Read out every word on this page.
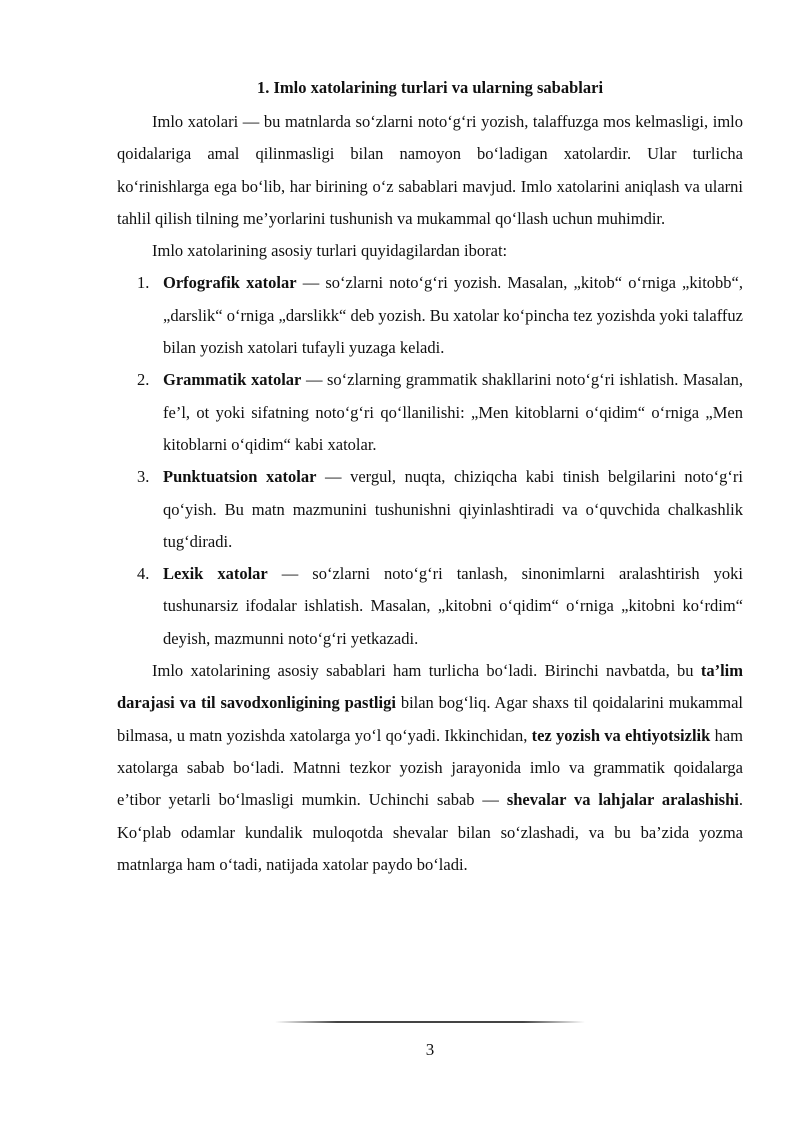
1. Imlo xatolarining turlari va ularning sabablari

Imlo xatolari — bu matnlarda so‘zlarni noto‘g‘ri yozish, talaffuzga mos kelmasligi, imlo qoidalariga amal qilinmasligi bilan namoyon bo‘ladigan xatolardir. Ular turlicha ko‘rinishlarga ega bo‘lib, har birining o‘z sabablari mavjud. Imlo xatolarini aniqlash va ularni tahlil qilish tilning me’yorlarini tushunish va mukammal qo‘llash uchun muhimdir.

Imlo xatolarining asosiy turlari quyidagilardan iborat:

1. Orfografik xatolar — so‘zlarni noto‘g‘ri yozish. Masalan, „kitob“ o‘rniga „kitobb“, „darslik“ o‘rniga „darslikk“ deb yozish. Bu xatolar ko‘pincha tez yozishda yoki talaffuz bilan yozish xatolari tufayli yuzaga keladi.
2. Grammatik xatolar — so‘zlarning grammatik shakllarini noto‘g‘ri ishlatish. Masalan, fe’l, ot yoki sifatning noto‘g‘ri qo‘llanilishi: „Men kitoblarni o‘qidim“ o‘rniga „Men kitoblarni o‘qidim“ kabi xatolar.
3. Punktuatsion xatolar — vergul, nuqta, chiziqcha kabi tinish belgilarini noto‘g‘ri qo‘yish. Bu matn mazmunini tushunishni qiyinlashtiradi va o‘quvchida chalkashlik tug‘diradi.
4. Lexik xatolar — so‘zlarni noto‘g‘ri tanlash, sinonimlarni aralashtirish yoki tushunarsiz ifodalar ishlatish. Masalan, „kitobni o‘qidim“ o‘rniga „kitobni ko‘rdim“ deyish, mazmunni noto‘g‘ri yetkazadi.

Imlo xatolarining asosiy sabablari ham turlicha bo‘ladi. Birinchi navbatda, bu ta’lim darajasi va til savodxonligining pastligi bilan bog‘liq. Agar shaxs til qoidalarini mukammal bilmasa, u matn yozishda xatolarga yo‘l qo‘yadi. Ikkinchidan, tez yozish va ehtiyotsizlik ham xatolarga sabab bo‘ladi. Matnni tezkor yozish jarayonida imlo va grammatik qoidalarga e’tibor yetarli bo‘lmasligi mumkin. Uchinchi sabab — shevalar va lahjalar aralashishi. Ko‘plab odamlar kundalik muloqotda shevalar bilan so‘zlashadi, va bu ba’zida yozma matnlarga ham o‘tadi, natijada xatolar paydo bo‘ladi.

3
